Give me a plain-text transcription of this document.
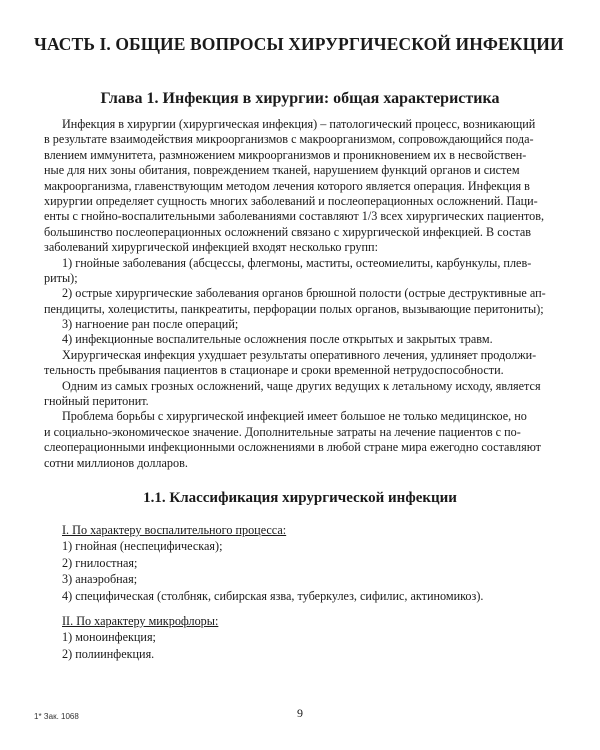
ЧАСТЬ I. ОБЩИЕ ВОПРОСЫ ХИРУРГИЧЕСКОЙ ИНФЕКЦИИ
Глава 1. Инфекция в хирургии: общая характеристика
Инфекция в хирургии (хирургическая инфекция) – патологический процесс, возникающий
в результате взаимодействия микроорганизмов с макроорганизмом, сопровождающийся пода-
влением иммунитета, размножением микроорганизмов и проникновением их в несвойствен-
ные для них зоны обитания, повреждением тканей, нарушением функций органов и систем
макроорганизма, главенствующим методом лечения которого является операция. Инфекция в
хирургии определяет сущность многих заболеваний и послеоперационных осложнений. Паци-
енты с гнойно-воспалительными заболеваниями составляют 1/3 всех хирургических пациентов,
большинство послеоперационных осложнений связано с хирургической инфекцией. В состав
заболеваний хирургической инфекцией входят несколько групп:
1) гнойные заболевания (абсцессы, флегмоны, маститы, остеомиелиты, карбункулы, плев-
риты);
2) острые хирургические заболевания органов брюшной полости (острые деструктивные ап-
пендициты, холециститы, панкреатиты, перфорации полых органов, вызывающие перитониты);
3) нагноение ран после операций;
4) инфекционные воспалительные осложнения после открытых и закрытых травм.
Хирургическая инфекция ухудшает результаты оперативного лечения, удлиняет продолжи-
тельность пребывания пациентов в стационаре и сроки временной нетрудоспособности.
Одним из самых грозных осложнений, чаще других ведущих к летальному исходу, является
гнойный перитонит.
Проблема борьбы с хирургической инфекцией имеет большое не только медицинское, но
и социально-экономическое значение. Дополнительные затраты на лечение пациентов с по-
слеоперационными инфекционными осложнениями в любой стране мира ежегодно составляют
сотни миллионов долларов.
1.1. Классификация хирургической инфекции
I. По характеру воспалительного процесса:
1) гнойная (неспецифическая);
2) гнилостная;
3) анаэробная;
4) специфическая (столбняк, сибирская язва, туберкулез, сифилис, актиномикоз).
II. По характеру микрофлоры:
1) моноинфекция;
2) полиинфекция.
1* Зак. 1068	9
